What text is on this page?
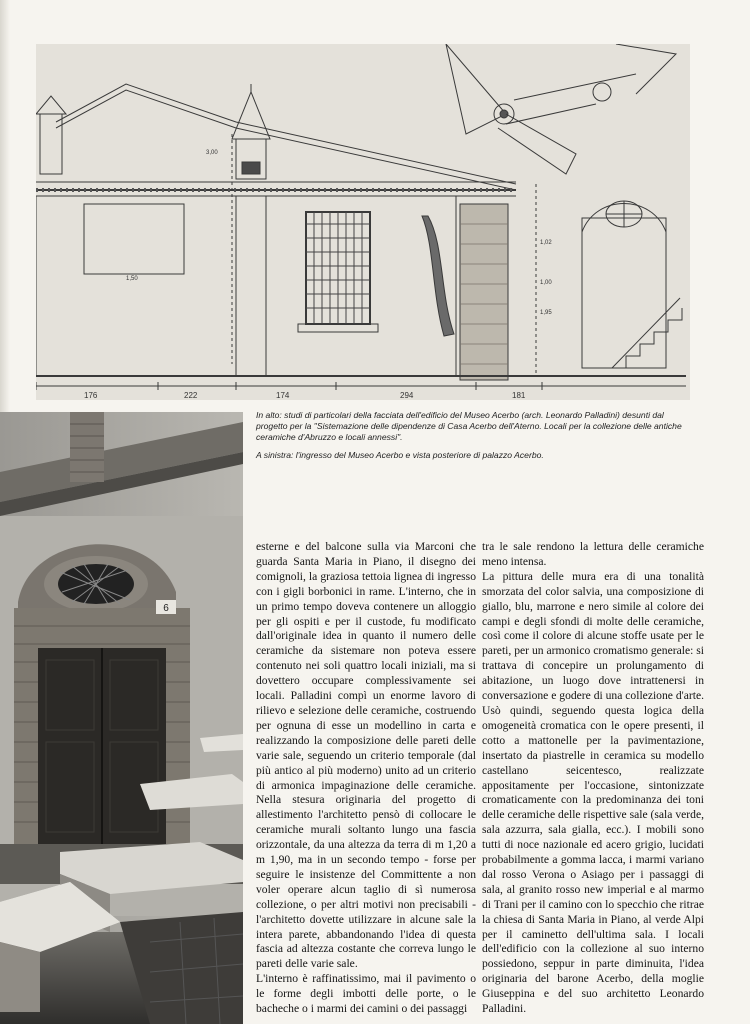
176	222	174	294	181
1,50
1,02
1,00
1,95
3,00

In alto: studi di particolari della facciata dell'edificio del Museo Acerbo (arch. Leonardo Palladini) desunti dal progetto per la "Sistemazione delle dipendenze di Casa Acerbo dell'Aterno. Locali per la collezione delle antiche ceramiche d'Abruzzo e locali annessi".

A sinistra: l'ingresso del Museo Acerbo e vista posteriore di palazzo Acerbo.

6

esterne e del balcone sulla via Marconi che guarda Santa Maria in Piano, il disegno dei comignoli, la graziosa tettoia lignea di ingresso con i gigli borbonici in rame. L'interno, che in un primo tempo doveva contenere un alloggio per gli ospiti e per il custode, fu modificato dall'originale idea in quanto il numero delle ceramiche da sistemare non poteva essere contenuto nei soli quattro locali iniziali, ma si dovettero occupare complessivamente sei locali. Palladini compì un enorme lavoro di rilievo e selezione delle ceramiche, costruendo per ognuna di esse un modellino in carta e realizzando la composizione delle pareti delle varie sale, seguendo un criterio temporale (dal più antico al più moderno) unito ad un criterio di armonica impaginazione delle ceramiche. Nella stesura originaria del progetto di allestimento l'architetto pensò di collocare le ceramiche murali soltanto lungo una fascia orizzontale, da una altezza da terra di m 1,20 a m 1,90, ma in un secondo tempo - forse per seguire le insistenze del Committente a non voler operare alcun taglio di sì numerosa collezione, o per altri motivi non precisabili - l'architetto dovette utilizzare in alcune sale la intera parete, abbandonando l'idea di questa fascia ad altezza costante che correva lungo le pareti delle varie sale.

L'interno è raffinatissimo, mai il pavimento o le forme degli imbotti delle porte, o le bacheche o i marmi dei camini o dei passaggi

tra le sale rendono la lettura delle ceramiche meno intensa.

La pittura delle mura era di una tonalità smorzata del color salvia, una composizione di giallo, blu, marrone e nero simile al colore dei campi e degli sfondi di molte delle ceramiche, così come il colore di alcune stoffe usate per le pareti, per un armonico cromatismo generale: si trattava di concepire un prolungamento di abitazione, un luogo dove intrattenersi in conversazione e godere di una collezione d'arte. Usò quindi, seguendo questa logica della omogeneità cromatica con le opere presenti, il cotto a mattonelle per la pavimentazione, insertato da piastrelle in ceramica su modello castellano seicentesco, realizzate appositamente per l'occasione, sintonizzate cromaticamente con la predominanza dei toni delle ceramiche delle rispettive sale (sala verde, sala azzurra, sala gialla, ecc.). I mobili sono tutti di noce nazionale ed acero grigio, lucidati probabilmente a gomma lacca, i marmi variano dal rosso Verona o Asiago per i passaggi di sala, al granito rosso new imperial e al marmo di Trani per il camino con lo specchio che ritrae la chiesa di Santa Maria in Piano, al verde Alpi per il caminetto dell'ultima sala. I locali dell'edificio con la collezione al suo interno possiedono, seppur in parte diminuita, l'idea originaria del barone Acerbo, della moglie Giuseppina e del suo architetto Leonardo Palladini.
